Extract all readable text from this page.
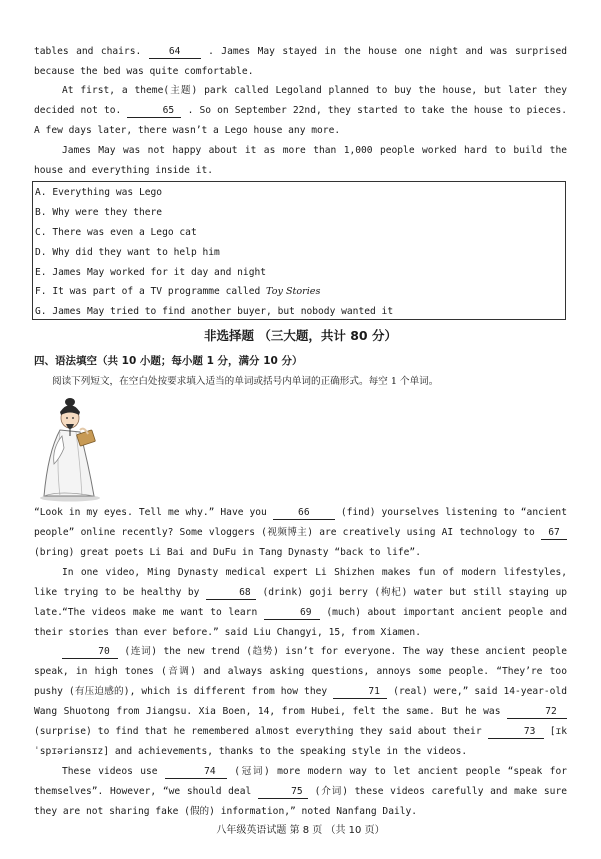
tables and chairs.	64	. James May stayed in the house one night and was surprised because the bed was quite comfortable.

At first, a theme(主题) park called Legoland planned to buy the house, but later they decided not to.	65 . So on September 22nd, they started to take the house to pieces. A few days later, there wasn’t a Lego house any more.

James May was not happy about it as more than 1,000 people worked hard to build the house and everything inside it.

A. Everything was Lego
B. Why were they there
C. There was even a Lego cat
D. Why did they want to help him
E. James May worked for it day and night
F. It was part of a TV programme called Toy Stories
G. James May tried to find another buyer, but nobody wanted it
非选择题 （三大题，共计 80 分）
四、语法填空（共 10 小题；每小题 1 分，满分 10 分）
阅读下列短文，在空白处按要求填入适当的单词或括号内单词的正确形式。每空 1 个单词。

“Look in my eyes. Tell me why.” Have you	66	(find) yourselves listening to “ancient people” online recently? Some vloggers (视频博主) are creatively using AI technology to 67 (bring) great poets Li Bai and DuFu in Tang Dynasty “back to life”.

In one video, Ming Dynasty medical expert Li Shizhen makes fun of modern lifestyles, like trying to be healthy by	68 (drink) goji berry (枸杞) water but still staying up late. “The videos make me want to learn	69 (much) about important ancient people and their stories than ever before.” said Liu Changyi, 15, from Xiamen.

70 (连词) the new trend (趋势) isn’t for everyone. The way these ancient people speak, in high tones (音调) and always asking questions, annoys some people. “They’re too pushy (有压迫感的), which is different from how they	71 (real) were,” said 14-year-old Wang Shuotong from Jiangsu. Xia Boen, 14, from Hubei, felt the same. But he was	72 (surprise) to find that he remembered almost everything they said about their	73 [ɪkˈspɪəriənsɪz] and achievements, thanks to the speaking style in the videos.

These videos use	74 (冠词) more modern way to let ancient people “speak for themselves”. However, “we should deal	75 (介词) these videos carefully and make sure they are not sharing fake (假的) information,” noted Nanfang Daily.

八年级英语试题 第 8 页 （共 10 页）
